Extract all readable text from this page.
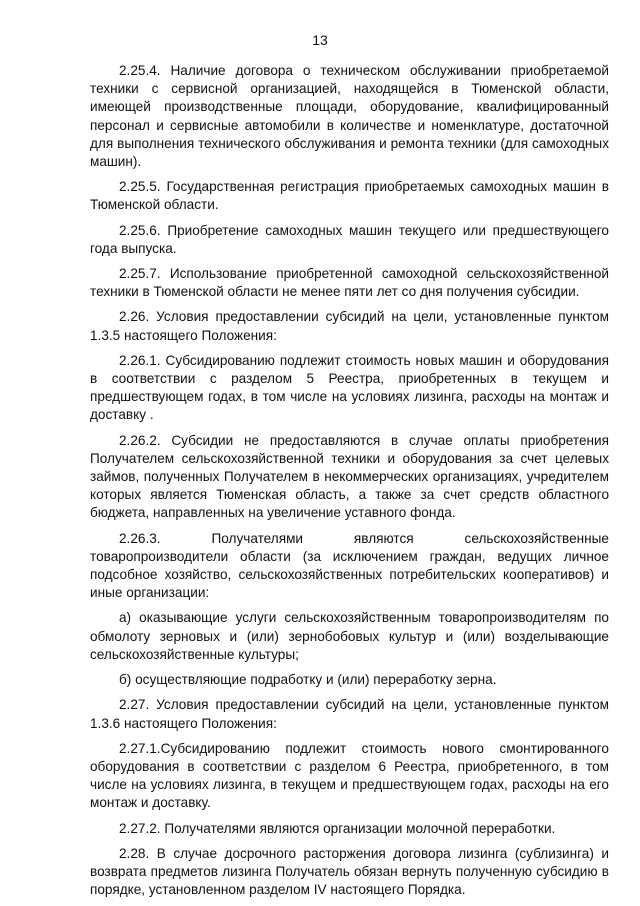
13

2.25.4. Наличие договора о техническом обслуживании приобретаемой техники с сервисной организацией, находящейся в Тюменской области, имеющей производственные площади, оборудование, квалифицированный персонал и сервисные автомобили в количестве и номенклатуре, достаточной для выполнения технического обслуживания и ремонта техники (для самоходных машин).

2.25.5. Государственная регистрация приобретаемых самоходных машин в Тюменской области.

2.25.6. Приобретение самоходных машин текущего или предшествующего года выпуска.

2.25.7. Использование приобретенной самоходной сельскохозяйственной техники в Тюменской области не менее пяти лет со дня получения субсидии.

2.26. Условия предоставлении субсидий на цели, установленные пунктом 1.3.5 настоящего Положения:

2.26.1. Субсидированию подлежит стоимость новых машин и оборудования в соответствии с разделом 5 Реестра, приобретенных в текущем и предшествующем годах, в том числе на условиях лизинга, расходы на монтаж и доставку .

2.26.2. Субсидии не предоставляются в случае оплаты приобретения Получателем сельскохозяйственной техники и оборудования за счет целевых займов, полученных Получателем в некоммерческих организациях, учредителем которых является Тюменская область, а также за счет средств областного бюджета, направленных на увеличение уставного фонда.

2.26.3. Получателями являются сельскохозяйственные товаропроизводители области (за исключением граждан, ведущих личное подсобное хозяйство, сельскохозяйственных потребительских кооперативов) и иные организации:

а) оказывающие услуги сельскохозяйственным товаропроизводителям по обмолоту зерновых и (или) зернобобовых культур и (или) возделывающие сельскохозяйственные культуры;

б) осуществляющие подработку и (или) переработку зерна.

2.27. Условия предоставлении субсидий на цели, установленные пунктом 1.3.6 настоящего Положения:

2.27.1.Субсидированию подлежит стоимость нового смонтированного оборудования в соответствии с разделом 6 Реестра, приобретенного, в том числе на условиях лизинга, в текущем и предшествующем годах, расходы на его монтаж и доставку.

2.27.2. Получателями являются организации молочной переработки.

2.28. В случае досрочного расторжения договора лизинга (сублизинга) и возврата предметов лизинга Получатель обязан вернуть полученную субсидию в порядке, установленном разделом IV настоящего Порядка.
